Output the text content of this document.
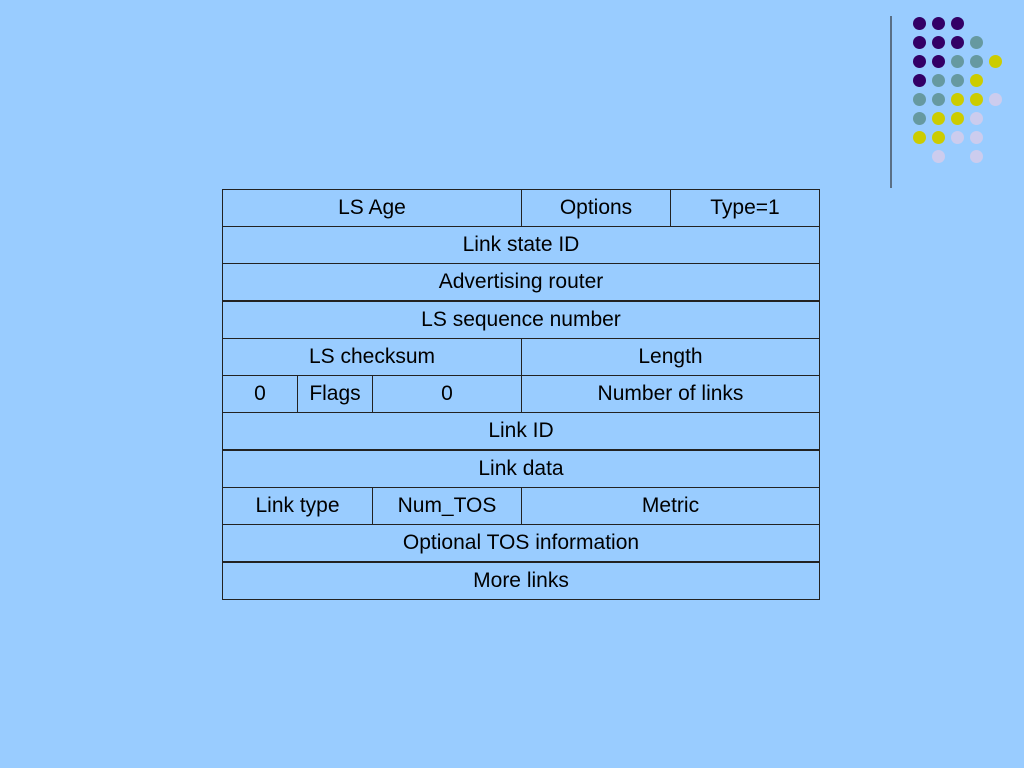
LS Age	Options	Type=1
Link state ID
Advertising router
LS sequence number
LS checksum	Length
0	Flags	0	Number of links
Link ID
Link data
Link type	Num_TOS	Metric
Optional TOS information
More links
